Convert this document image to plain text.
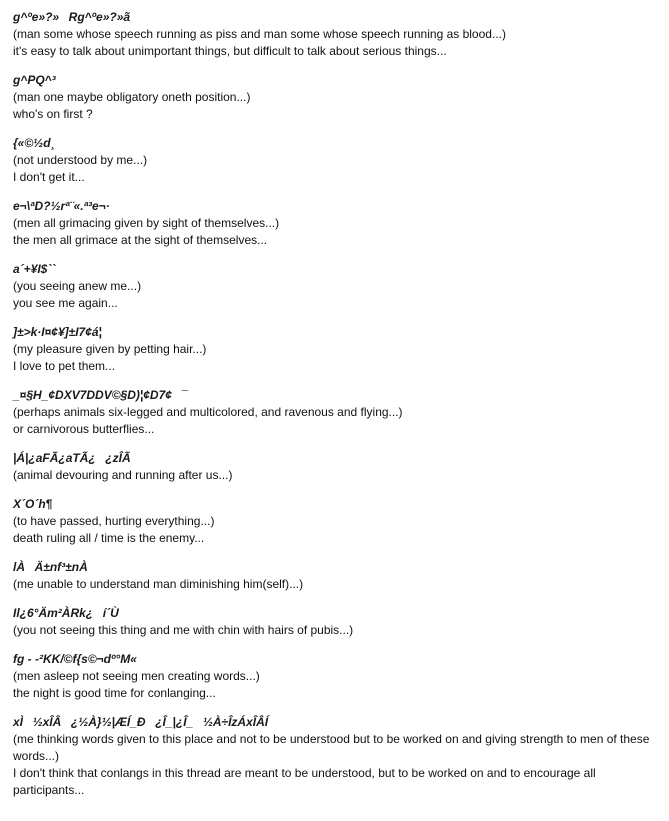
g^ºe»?»Rg^ºe»?»ã
(man some whose speech running as piss and man some whose speech running as blood...)
it's easy to talk about unimportant things, but difficult to talk about serious things...
g^PQ^³
(man one maybe obligatory oneth position...)
who's on first ?
{«©½d¸
(not understood by me...)
I don't get it...
e¬\ªD?½rª¨«.ª³e¬·
(men all grimacing given by sight of themselves...)
the men all grimace at the sight of themselves...
a´+¥I$``
(you seeing anew me...)
you see me again...
]±>k·I¤¢¥]±I7¢á¦
(my pleasure given by petting hair...)
I love to pet them...
_¤§H_¢DXV7DDV©§D)¦¢D7¢¯
(perhaps animals six-legged and multicolored, and ravenous and flying...)
or carnivorous butterflies...
|Á|¿aFÃ¿aTÃ¿¿zÎÃ
(animal devouring and running after us...)
X´O´h¶
(to have passed, hurting everything...)
death ruling all / time is the enemy...
lÀÄ±nf³±nÀ
(me unable to understand man diminishing him(self)...)
Il¿6°Äm²ÀRk¿í´Ù
(you not seeing this thing and me with chin with hairs of pubis...)
fg - -²KK/©f{s©¬dº°M«
(men asleep not seeing men creating words...)
the night is good time for conlanging...
xÌ½xÎÂ¿½À}½|ÆÍ_Ð¿Î_|¿Î_½À÷ÎzÁxÎÂÍ
(me thinking words given to this place and not to be understood but to be worked on and giving strength to men of these words...)
I don't think that conlangs in this thread are meant to be understood, but to be worked on and to encourage all participants...
